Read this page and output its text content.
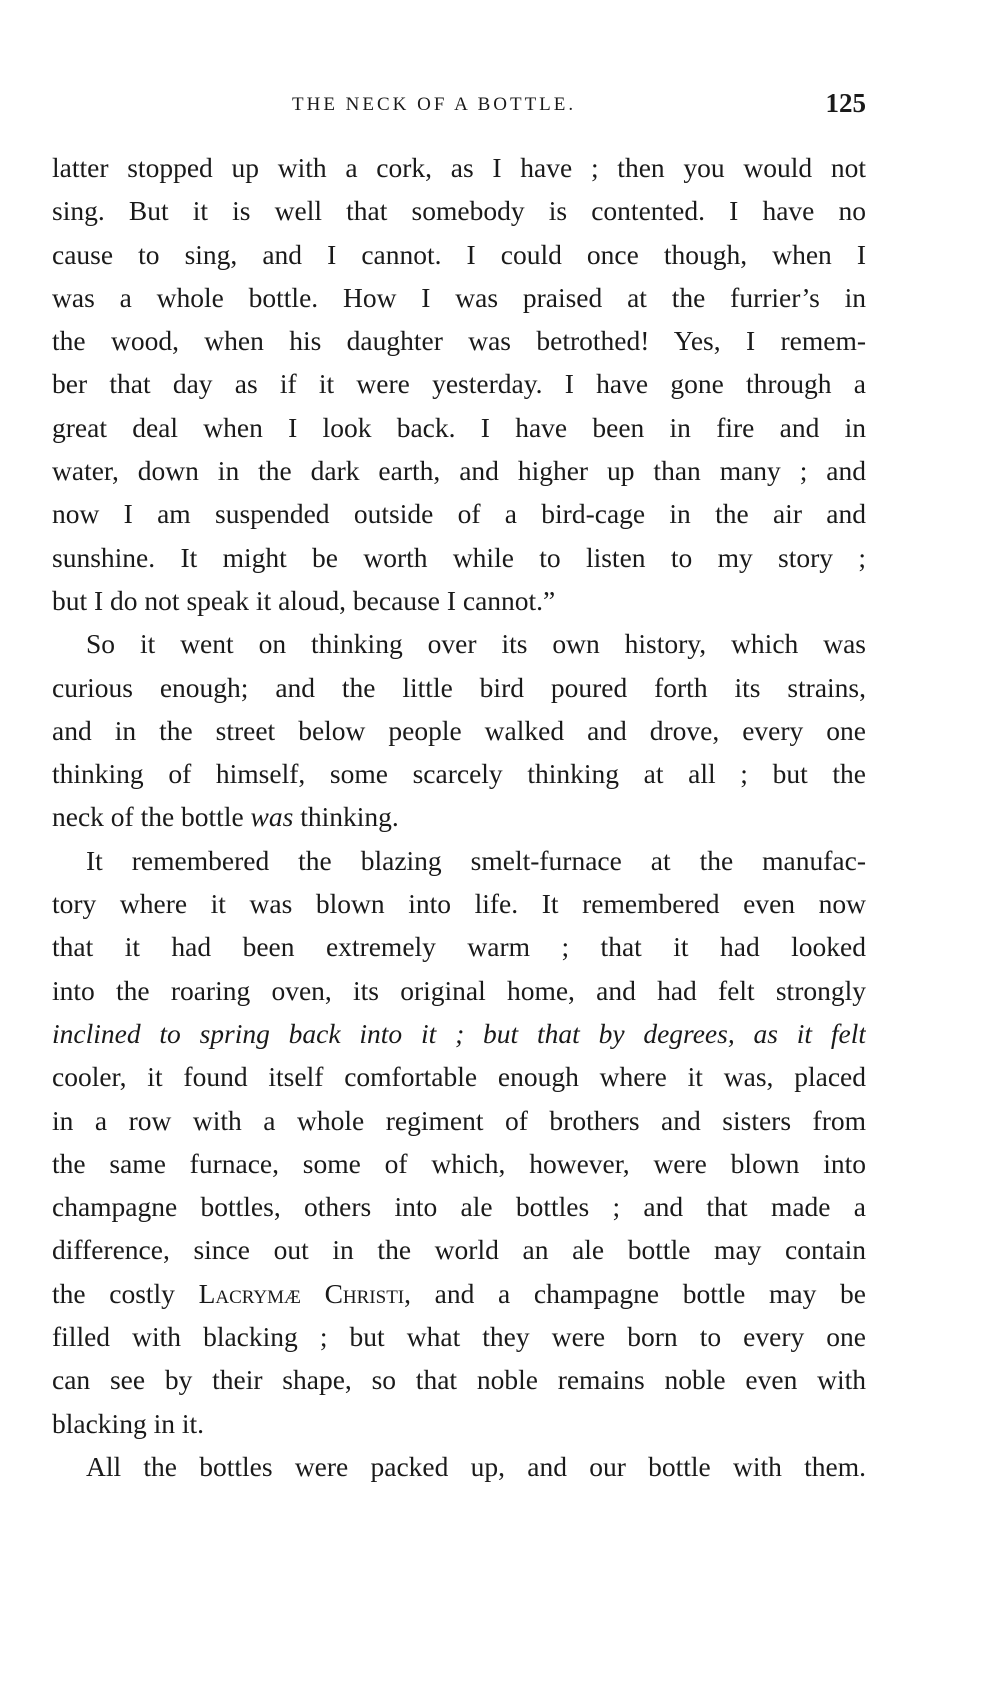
THE NECK OF A BOTTLE.	125
latter stopped up with a cork, as I have ; then you would not
sing. But it is well that somebody is contented. I have no
cause to sing, and I cannot. I could once though, when I
was a whole bottle. How I was praised at the furrier’s in
the wood, when his daughter was betrothed! Yes, I remem-
ber that day as if it were yesterday. I have gone through a
great deal when I look back. I have been in fire and in
water, down in the dark earth, and higher up than many ; and
now I am suspended outside of a bird-cage in the air and
sunshine. It might be worth while to listen to my story ;
but I do not speak it aloud, because I cannot.”
So it went on thinking over its own history, which was
curious enough; and the little bird poured forth its strains,
and in the street below people walked and drove, every one
thinking of himself, some scarcely thinking at all ; but the
neck of the bottle was thinking.
It remembered the blazing smelt-furnace at the manufac-
tory where it was blown into life. It remembered even now
that it had been extremely warm ; that it had looked
into the roaring oven, its original home, and had felt strongly
inclined to spring back into it ; but that by degrees, as it felt
cooler, it found itself comfortable enough where it was, placed
in a row with a whole regiment of brothers and sisters from
the same furnace, some of which, however, were blown into
champagne bottles, others into ale bottles ; and that made a
difference, since out in the world an ale bottle may contain
the costly Lacrymæ Christi, and a champagne bottle may be
filled with blacking ; but what they were born to every one
can see by their shape, so that noble remains noble even with
blacking in it.
All the bottles were packed up, and our bottle with them.
